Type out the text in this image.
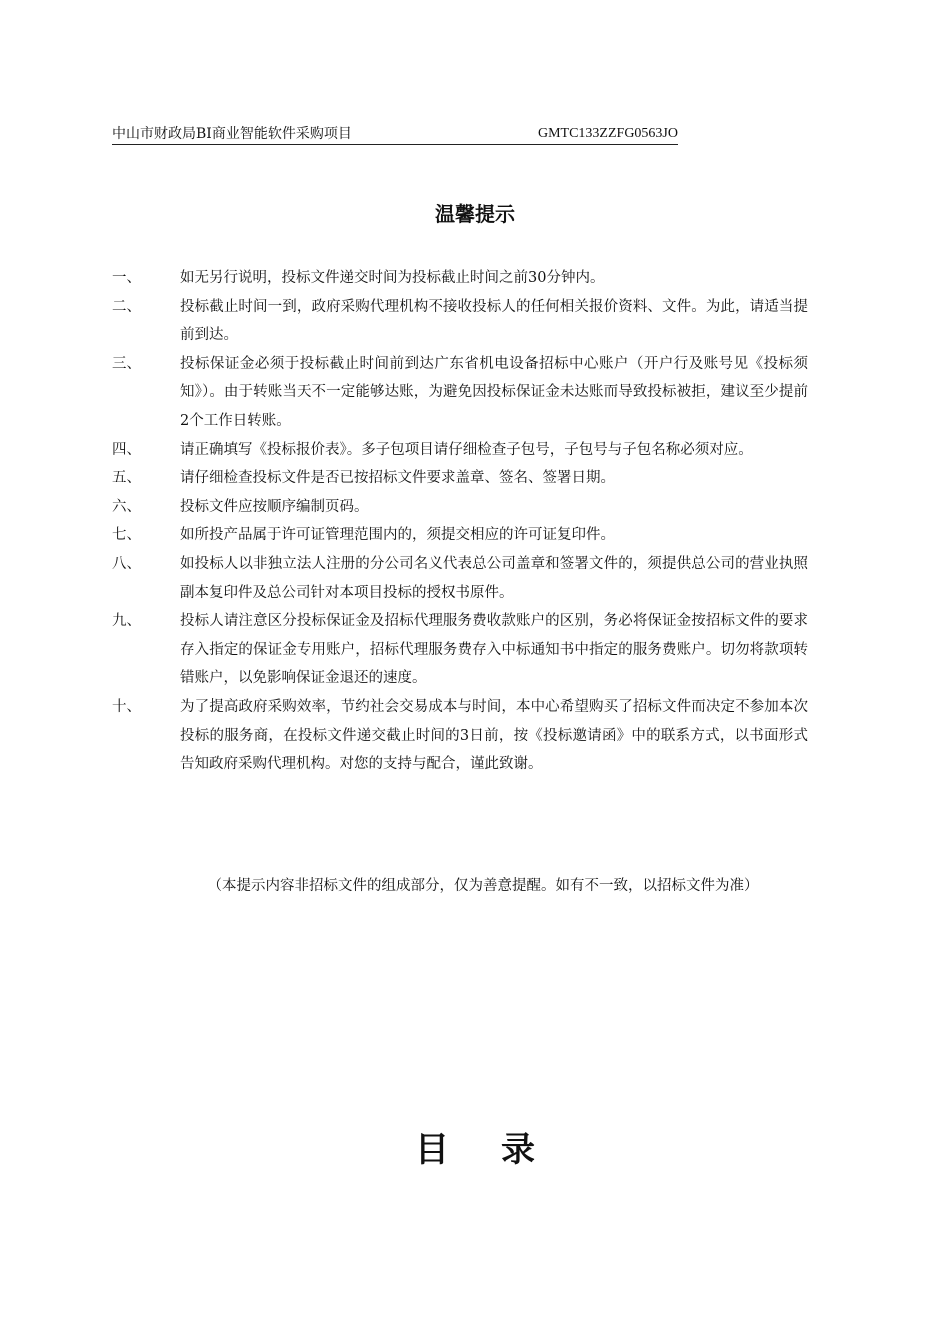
中山市财政局BI商业智能软件采购项目	GMTC133ZZFG0563JO
温馨提示
一、	如无另行说明，投标文件递交时间为投标截止时间之前30分钟内。
二、	投标截止时间一到，政府采购代理机构不接收投标人的任何相关报价资料、文件。为此，请适当提前到达。
三、	投标保证金必须于投标截止时间前到达广东省机电设备招标中心账户（开户行及账号见《投标须知》）。由于转账当天不一定能够达账，为避免因投标保证金未达账而导致投标被拒，建议至少提前2个工作日转账。
四、	请正确填写《投标报价表》。多子包项目请仔细检查子包号，子包号与子包名称必须对应。
五、	请仔细检查投标文件是否已按招标文件要求盖章、签名、签署日期。
六、	投标文件应按顺序编制页码。
七、	如所投产品属于许可证管理范围内的，须提交相应的许可证复印件。
八、	如投标人以非独立法人注册的分公司名义代表总公司盖章和签署文件的，须提供总公司的营业执照副本复印件及总公司针对本项目投标的授权书原件。
九、	投标人请注意区分投标保证金及招标代理服务费收款账户的区别，务必将保证金按招标文件的要求存入指定的保证金专用账户，招标代理服务费存入中标通知书中指定的服务费账户。切勿将款项转错账户，以免影响保证金退还的速度。
十、	为了提高政府采购效率，节约社会交易成本与时间，本中心希望购买了招标文件而决定不参加本次投标的服务商，在投标文件递交截止时间的3日前，按《投标邀请函》中的联系方式，以书面形式告知政府采购代理机构。对您的支持与配合，谨此致谢。
（本提示内容非招标文件的组成部分，仅为善意提醒。如有不一致，以招标文件为准）
目录
